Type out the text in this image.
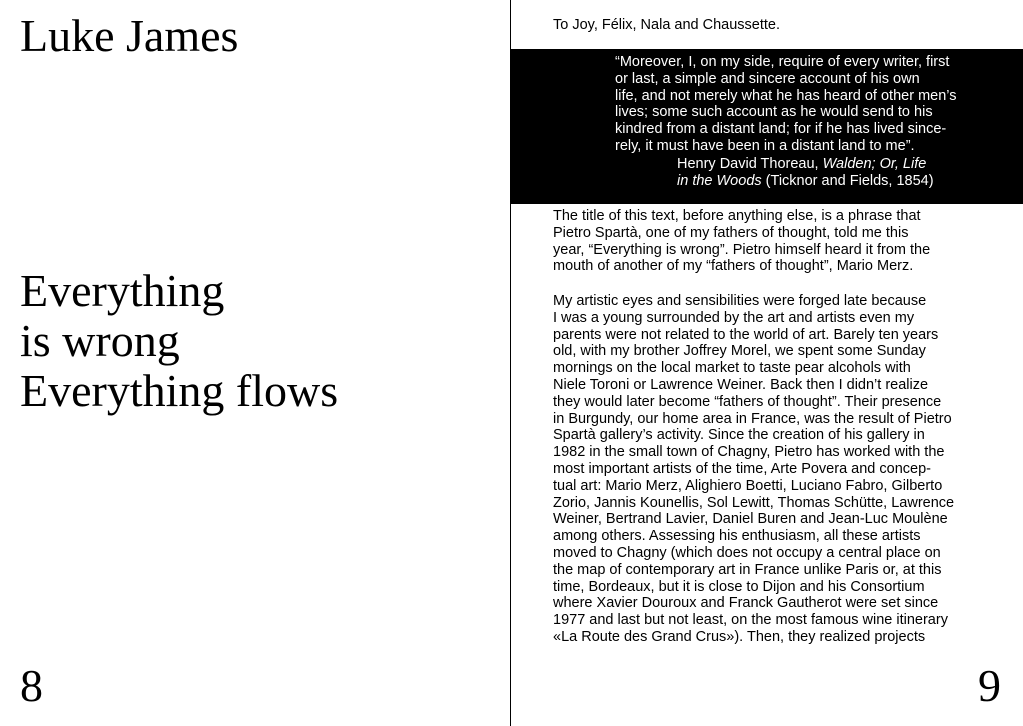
Luke James
Everything
is wrong
Everything flows
8

To Joy, Félix, Nala and Chaussette.

“Moreover, I, on my side, require of every writer, first
or last, a simple and sincere account of his own
life, and not merely what he has heard of other men’s
lives; some such account as he would send to his
kindred from a distant land; for if he has lived since-
rely, it must have been in a distant land to me”.

Henry David Thoreau, Walden; Or, Life
in the Woods (Ticknor and Fields, 1854)

The title of this text, before anything else, is a phrase that
Pietro Spartà, one of my fathers of thought, told me this
year, “Everything is wrong”. Pietro himself heard it from the
mouth of another of my “fathers of thought”, Mario Merz.

My artistic eyes and sensibilities were forged late because
I was a young surrounded by the art and artists even my
parents were not related to the world of art. Barely ten years
old, with my brother Joffrey Morel, we spent some Sunday
mornings on the local market to taste pear alcohols with
Niele Toroni or Lawrence Weiner. Back then I didn’t realize
they would later become “fathers of thought”. Their presence
in Burgundy, our home area in France, was the result of Pietro
Spartà gallery’s activity. Since the creation of his gallery in
1982 in the small town of Chagny, Pietro has worked with the
most important artists of the time, Arte Povera and concep-
tual art: Mario Merz, Alighiero Boetti, Luciano Fabro, Gilberto
Zorio, Jannis Kounellis, Sol Lewitt, Thomas Schütte, Lawrence
Weiner, Bertrand Lavier, Daniel Buren and Jean-Luc Moulène
among others. Assessing his enthusiasm, all these artists
moved to Chagny (which does not occupy a central place on
the map of contemporary art in France unlike Paris or, at this
time, Bordeaux, but it is close to Dijon and his Consortium
where Xavier Douroux and Franck Gautherot were set since
1977 and last but not least, on the most famous wine itinerary
«La Route des Grand Crus»). Then, they realized projects

9
